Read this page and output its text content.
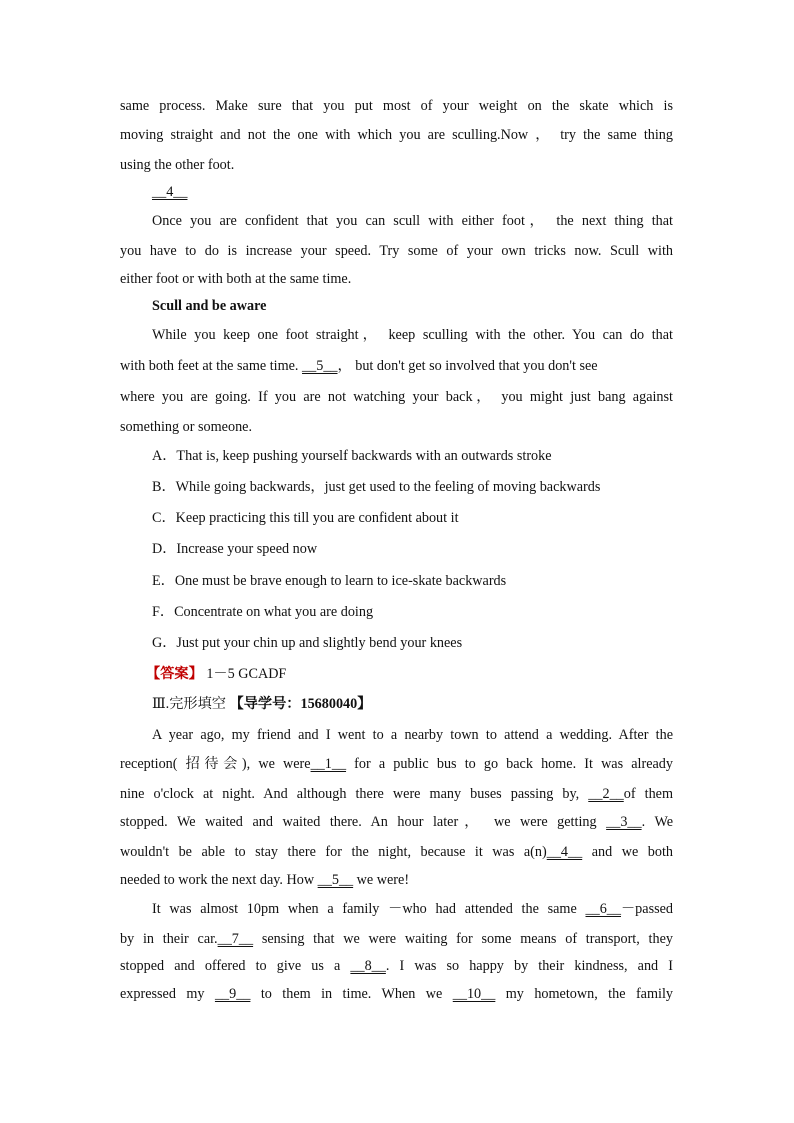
same process. Make sure that you put most of your weight on the skate which is
moving straight and not the one with which you are sculling.Now ， try the same thing
using the other foot.
__4__
Once you are confident that you can scull with either foot， the next thing that
you have to do is increase your speed. Try some of your own tricks now. Scull with
either foot or with both at the same time.
Scull and be aware
While you keep one foot straight， keep sculling with the other. You can do that
with both feet at the same time. __5__， but don't get so involved that you don't see
where you are going. If you are not watching your back， you might just bang against
something or someone.
A．That is, keep pushing yourself backwards with an outwards stroke
B．While going backwards，just get used to the feeling of moving backwards
C．Keep practicing this till you are confident about it
D．Increase your speed now
E．One must be brave enough to learn to ice-skate backwards
F．Concentrate on what you are doing
G．Just put your chin up and slightly bend your knees
【答案】 1－5 GCADF
Ⅲ.完形填空 【导学号：15680040】
A year ago, my friend and I went to a nearby town to attend a wedding. After the
reception( 招待会), we were__1__ for a public bus to go back home. It was already
nine o'clock at night. And although there were many buses passing by, __2__of them
stopped. We waited and waited there. An hour later， we were getting __3__. We
wouldn't be able to stay there for the night, because it was a(n)__4__ and we both
needed to work the next day. How __5__ we were!
It was almost 10pm when a family －who had attended the same __6__－passed
by in their car.__7__ sensing that we were waiting for some means of transport, they
stopped and offered to give us a __8__. I was so happy by their kindness, and I
expressed my __9__ to them in time. When we __10__ my hometown, the family
